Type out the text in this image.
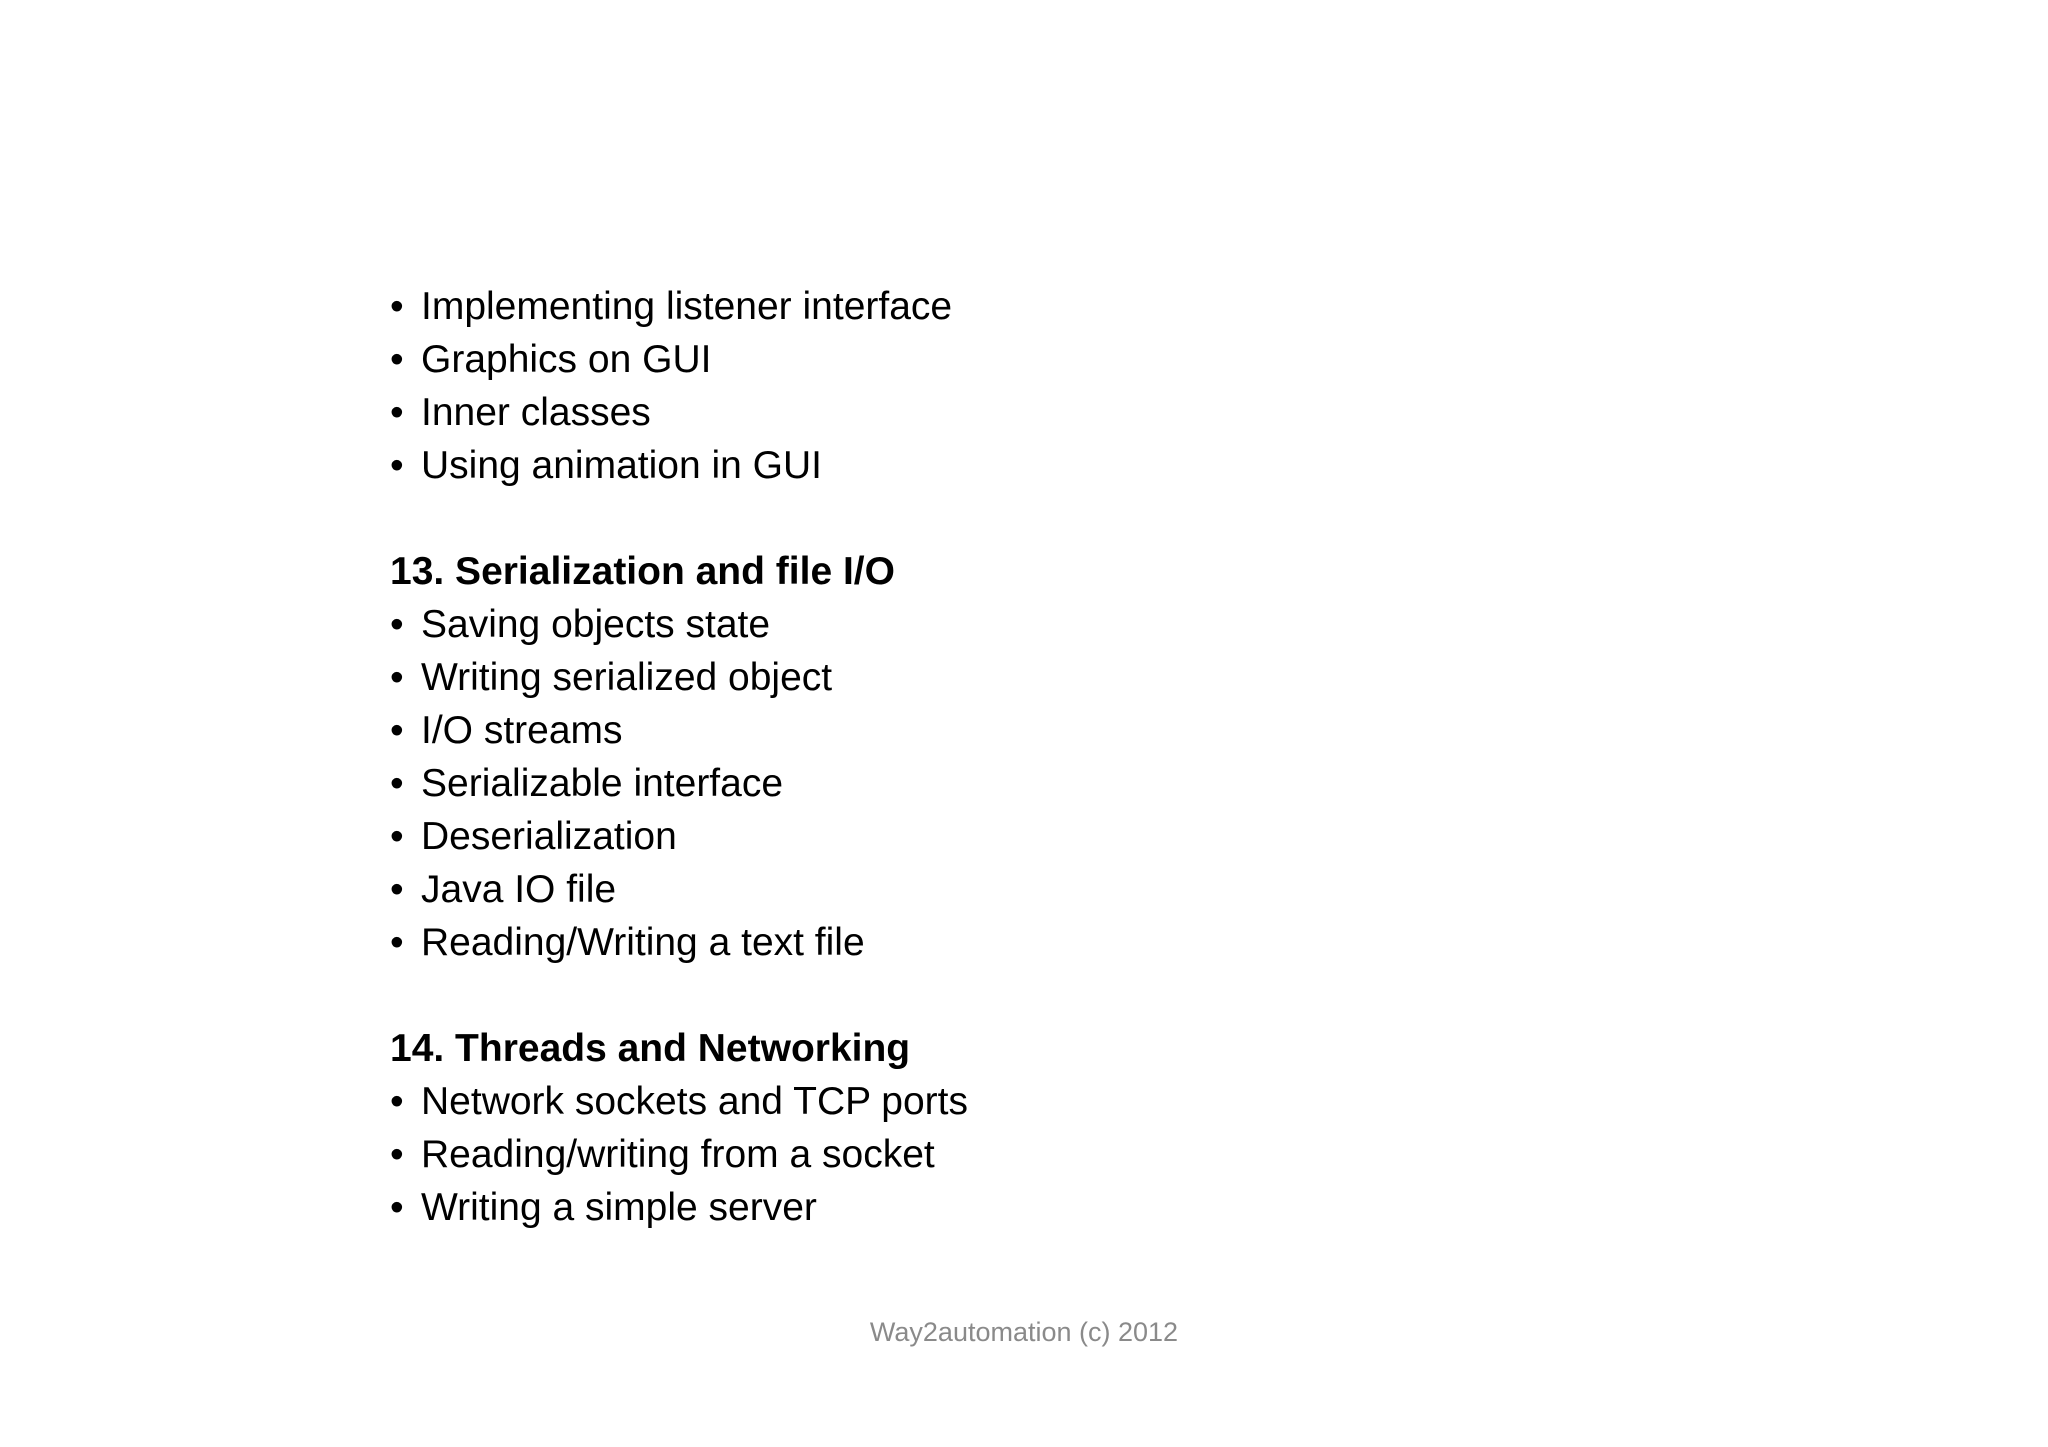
• Implementing listener interface
• Graphics on GUI
• Inner classes
• Using animation in GUI
13. Serialization and file I/O
• Saving objects state
• Writing serialized object
• I/O streams
• Serializable interface
• Deserialization
• Java IO file
• Reading/Writing a text file
14. Threads and Networking
• Network sockets and TCP ports
• Reading/writing from a socket
• Writing a simple server
Way2automation (c) 2012
